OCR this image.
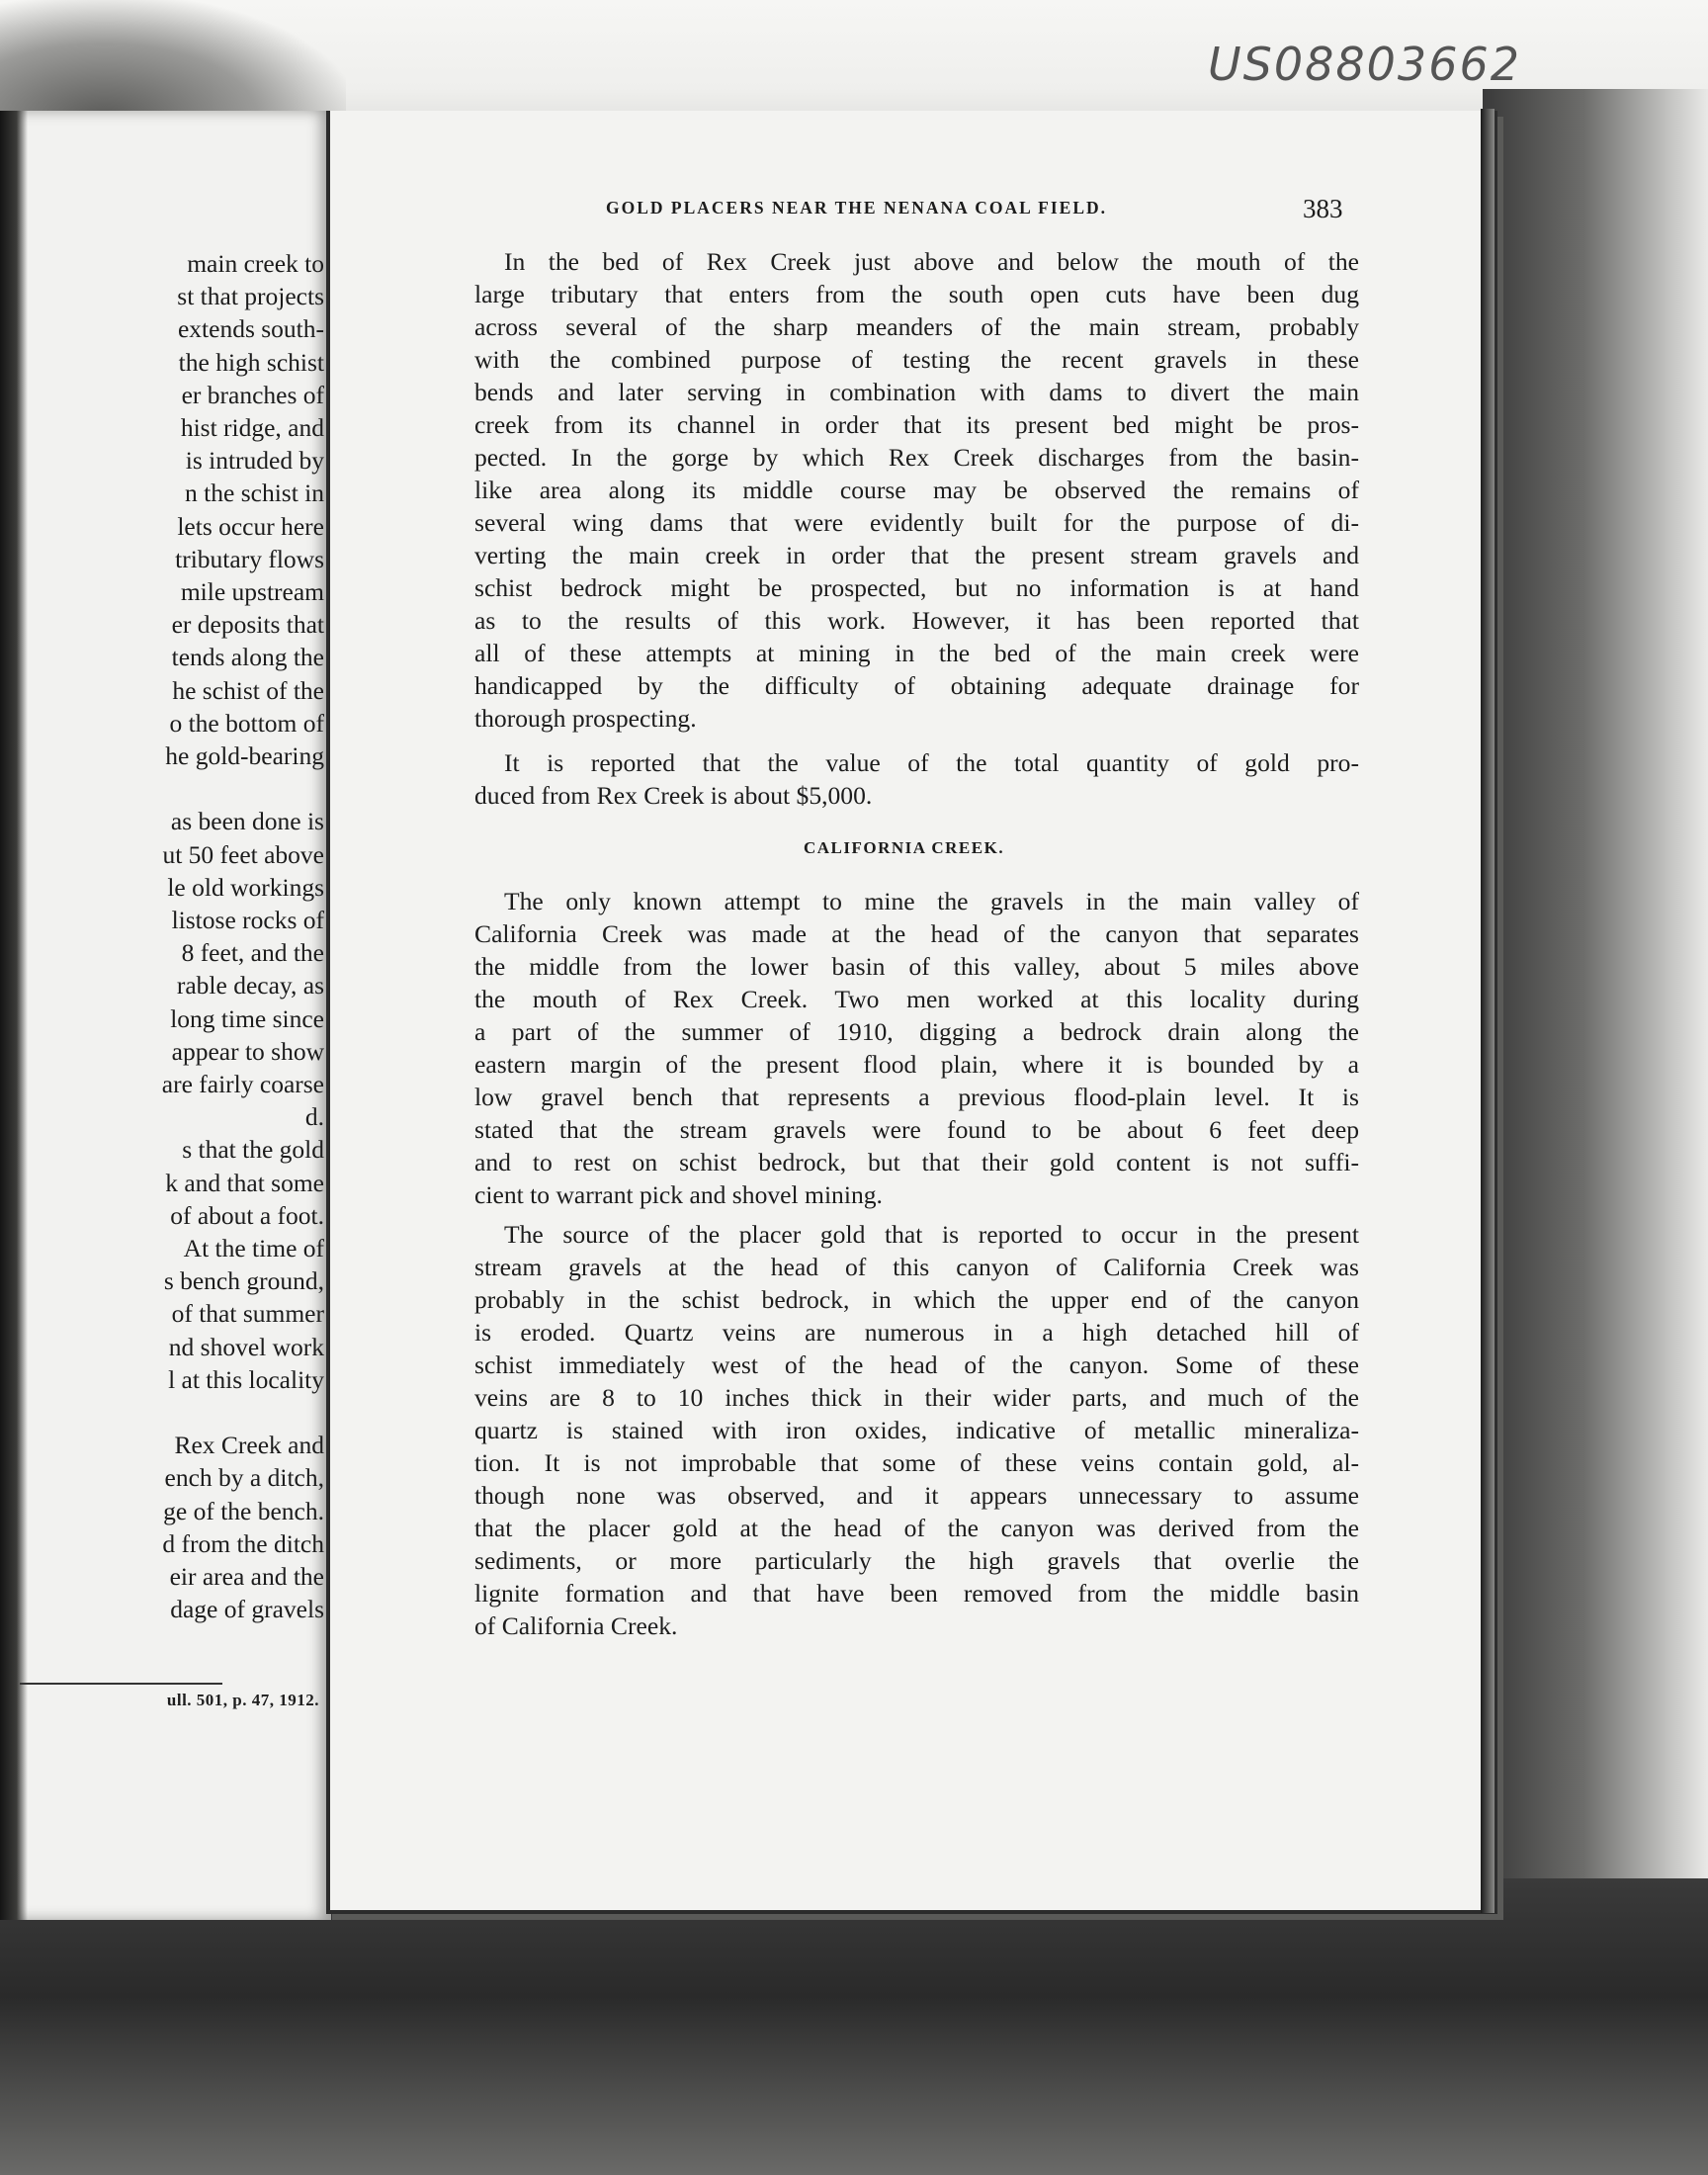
US08803662
main creek to
st that projects
extends south-
the high schist
er branches of
hist ridge, and
is intruded by
n the schist in
lets occur here
tributary flows
mile upstream
er deposits that
tends along the
he schist of the
o the bottom of
he gold-bearing
as been done is
ut 50 feet above
le old workings
listose rocks of
8 feet, and the
rable decay, as
long time since
appear to show
are fairly coarse
d.
s that the gold
k and that some
of about a foot.
At the time of
s bench ground,
of that summer
nd shovel work
l at this locality
Rex Creek and
ench by a ditch,
ge of the bench.
d from the ditch
eir area and the
dage of gravels
ull. 501, p. 47, 1912.
GOLD PLACERS NEAR THE NENANA COAL FIELD.	383
In the bed of Rex Creek just above and below the mouth of the
large tributary that enters from the south open cuts have been dug
across several of the sharp meanders of the main stream, probably
with the combined purpose of testing the recent gravels in these
bends and later serving in combination with dams to divert the main
creek from its channel in order that its present bed might be pros-
pected. In the gorge by which Rex Creek discharges from the basin-
like area along its middle course may be observed the remains of
several wing dams that were evidently built for the purpose of di-
verting the main creek in order that the present stream gravels and
schist bedrock might be prospected, but no information is at hand
as to the results of this work. However, it has been reported that
all of these attempts at mining in the bed of the main creek were
handicapped by the difficulty of obtaining adequate drainage for
thorough prospecting.
It is reported that the value of the total quantity of gold pro-
duced from Rex Creek is about $5,000.
CALIFORNIA CREEK.
The only known attempt to mine the gravels in the main valley of
California Creek was made at the head of the canyon that separates
the middle from the lower basin of this valley, about 5 miles above
the mouth of Rex Creek. Two men worked at this locality during
a part of the summer of 1910, digging a bedrock drain along the
eastern margin of the present flood plain, where it is bounded by a
low gravel bench that represents a previous flood-plain level. It is
stated that the stream gravels were found to be about 6 feet deep
and to rest on schist bedrock, but that their gold content is not suffi-
cient to warrant pick and shovel mining.
The source of the placer gold that is reported to occur in the present
stream gravels at the head of this canyon of California Creek was
probably in the schist bedrock, in which the upper end of the canyon
is eroded. Quartz veins are numerous in a high detached hill of
schist immediately west of the head of the canyon. Some of these
veins are 8 to 10 inches thick in their wider parts, and much of the
quartz is stained with iron oxides, indicative of metallic mineraliza-
tion. It is not improbable that some of these veins contain gold, al-
though none was observed, and it appears unnecessary to assume
that the placer gold at the head of the canyon was derived from the
sediments, or more particularly the high gravels that overlie the
lignite formation and that have been removed from the middle basin
of California Creek.
